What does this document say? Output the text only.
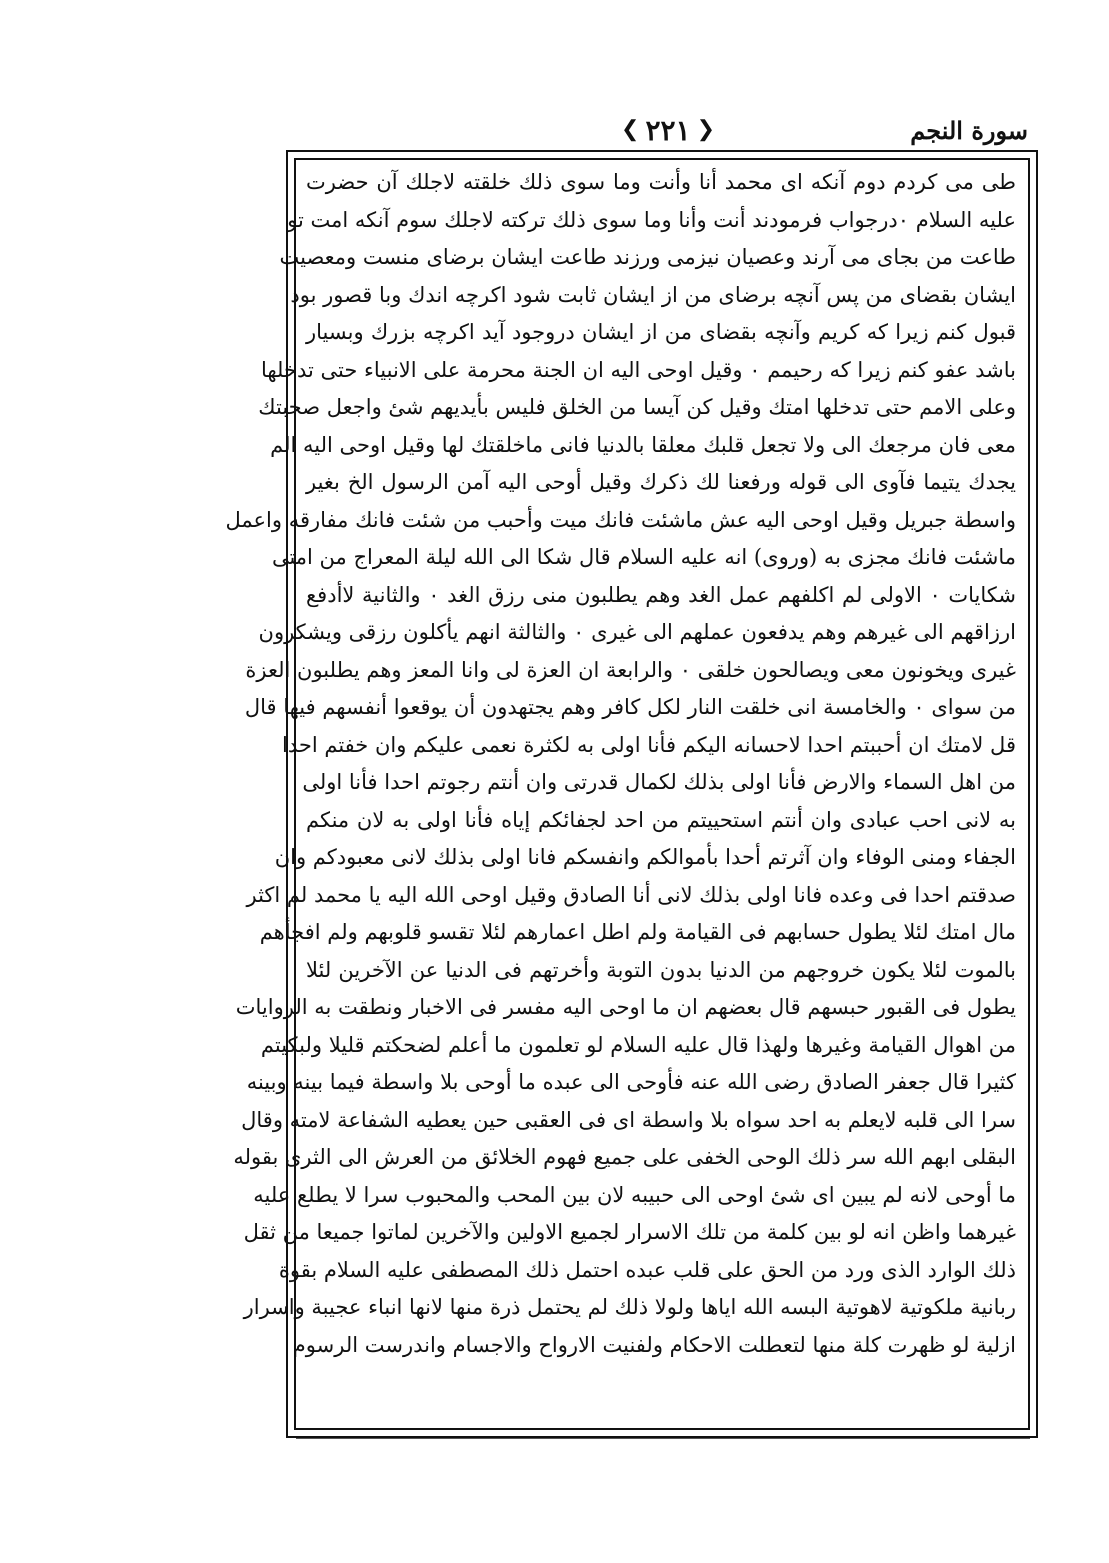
سورة النجم
❮ ٢٢١ ❯
طى مى كردم دوم آنكه اى محمد أنا وأنت وما سوى ذلك خلقته لاجلك آن حضرت
عليه السلام ٠درجواب فرمودند أنت وأنا وما سوى ذلك تركته لاجلك سوم آنكه امت تو
طاعت من بجاى مى آرند وعصيان نيزمى ورزند طاعت ايشان برضاى منست ومعصيت
ايشان بقضاى من پس آنچه برضاى من از ايشان ثابت شود اكرچه اندك وبا قصور بود
قبول كنم زيرا كه كريم وآنچه بقضاى من از ايشان دروجود آيد اكرچه بزرك وبسيار
باشد عفو كنم زيرا كه رحيمم ٠ وقيل اوحى اليه ان الجنة محرمة على الانبياء حتى تدخلها
وعلى الامم حتى تدخلها امتك وقيل كن آيسا من الخلق فليس بأيديهم شئ واجعل صحبتك
معى فان مرجعك الى ولا تجعل قلبك معلقا بالدنيا فانى ماخلقتك لها وقيل اوحى اليه الم
يجدك يتيما فآوى الى قوله ورفعنا لك ذكرك وقيل أوحى اليه آمن الرسول الخ بغير
واسطة جبريل وقيل اوحى اليه عش ماشئت فانك ميت وأحبب من شئت فانك مفارقه واعمل
ماشئت فانك مجزى به (وروى) انه عليه السلام قال شكا الى الله ليلة المعراج من امتى
شكايات ٠ الاولى لم اكلفهم عمل الغد وهم يطلبون منى رزق الغد ٠ والثانية لاأدفع
ارزاقهم الى غيرهم وهم يدفعون عملهم الى غيرى ٠ والثالثة انهم يأكلون رزقى ويشكرون
غيرى ويخونون معى ويصالحون خلقى ٠ والرابعة ان العزة لى وانا المعز وهم يطلبون العزة
من سواى ٠ والخامسة انى خلقت النار لكل كافر وهم يجتهدون أن يوقعوا أنفسهم فيها قال
قل لامتك ان أحببتم احدا لاحسانه اليكم فأنا اولى به لكثرة نعمى عليكم وان خفتم احدا
من اهل السماء والارض فأنا اولى بذلك لكمال قدرتى وان أنتم رجوتم احدا فأنا اولى
به لانى احب عبادى وان أنتم استحييتم من احد لجفائكم إياه فأنا اولى به لان منكم
الجفاء ومنى الوفاء وان آثرتم أحدا بأموالكم وانفسكم فانا اولى بذلك لانى معبودكم وان
صدقتم احدا فى وعده فانا اولى بذلك لانى أنا الصادق وقيل اوحى الله اليه يا محمد لم اكثر
مال امتك لئلا يطول حسابهم فى القيامة ولم اطل اعمارهم لئلا تقسو قلوبهم ولم افجأهم
بالموت لئلا يكون خروجهم من الدنيا بدون التوبة وأخرتهم فى الدنيا عن الآخرين لئلا
يطول فى القبور حبسهم قال بعضهم ان ما اوحى اليه مفسر فى الاخبار ونطقت به الروايات
من اهوال القيامة وغيرها ولهذا قال عليه السلام لو تعلمون ما أعلم لضحكتم قليلا ولبكيتم
كثيرا قال جعفر الصادق رضى الله عنه فأوحى الى عبده ما أوحى بلا واسطة فيما بينه وبينه
سرا الى قلبه لايعلم به احد سواه بلا واسطة اى فى العقبى حين يعطيه الشفاعة لامته وقال
البقلى ابهم الله سر ذلك الوحى الخفى على جميع فهوم الخلائق من العرش الى الثرى بقوله
ما أوحى لانه لم يبين اى شئ اوحى الى حبيبه لان بين المحب والمحبوب سرا لا يطلع عليه
غيرهما واظن انه لو بين كلمة من تلك الاسرار لجميع الاولين والآخرين لماتوا جميعا من ثقل
ذلك الوارد الذى ورد من الحق على قلب عبده احتمل ذلك المصطفى عليه السلام بقوة
ربانية ملكوتية لاهوتية البسه الله اياها ولولا ذلك لم يحتمل ذرة منها لانها انباء عجيبة واسرار
ازلية لو ظهرت كلة منها لتعطلت الاحكام ولفنيت الارواح والاجسام واندرست الرسوم
